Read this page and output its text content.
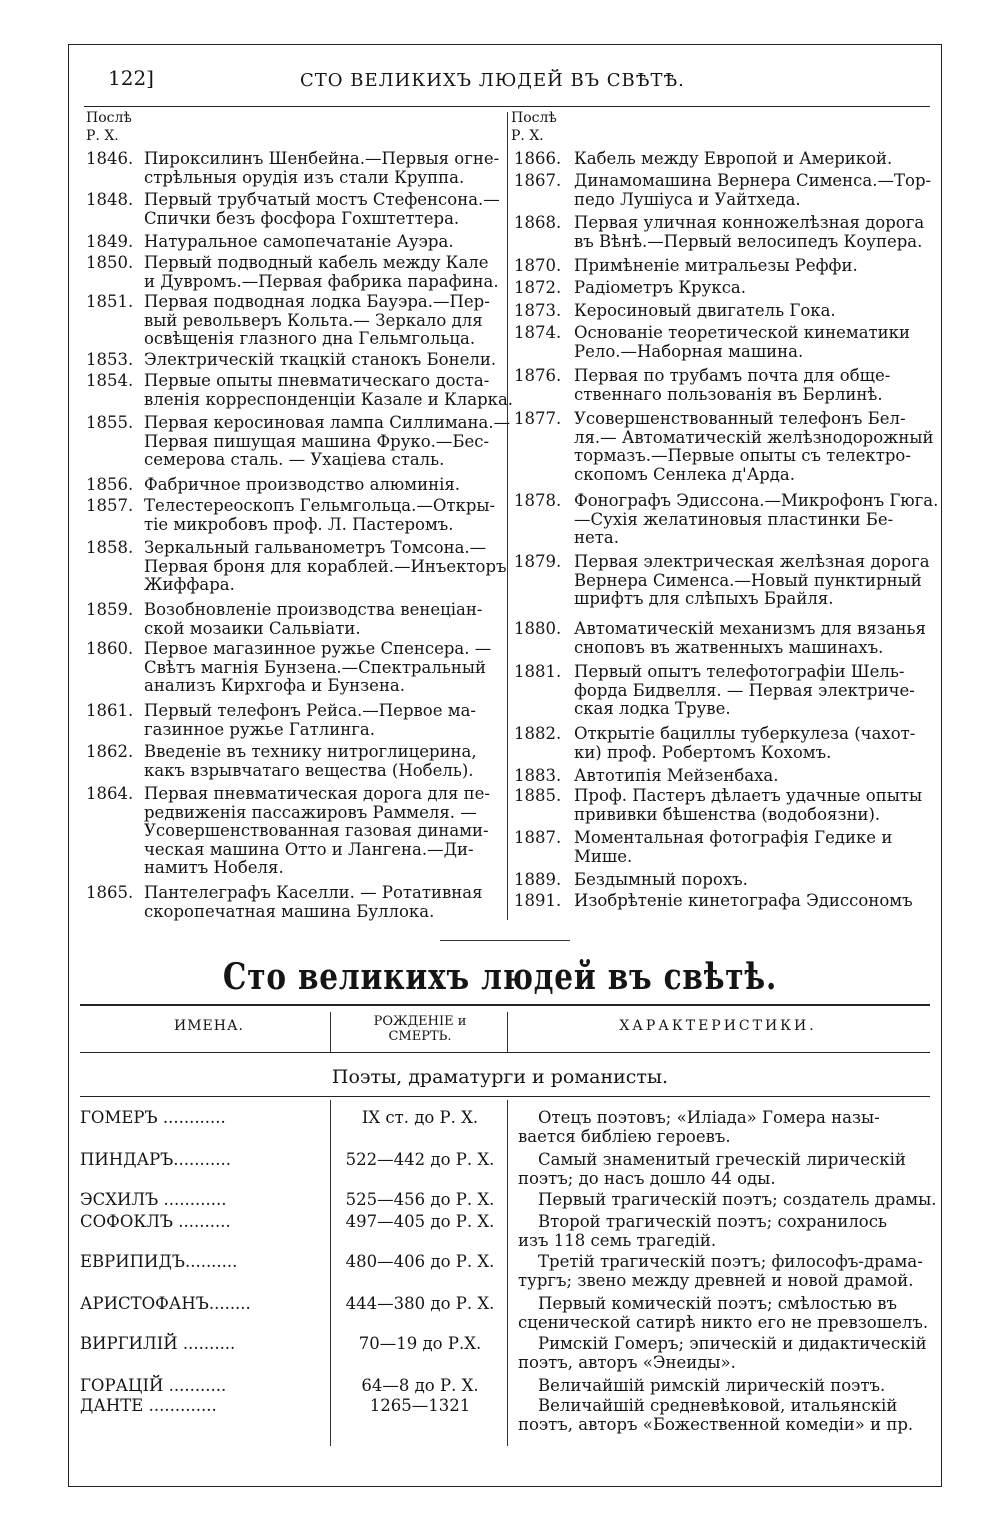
122]	СТО ВЕЛИКИХЪ ЛЮДЕЙ ВЪ СВѢТѢ.
Послѣ
Р. Х.
Послѣ
Р. Х.
1846. Пироксилинъ Шенбейна.—Первыя огне-
стрѣльныя орудія изъ стали Круппа.
1848. Первый трубчатый мостъ Стефенсона.—
Спички безъ фосфора Гохштеттера.
1849. Натуральное самопечатаніе Ауэра.
1850. Первый подводный кабель между Кале
и Дувромъ.—Первая фабрика парафина.
1851. Первая подводная лодка Бауэра.—Пер-
вый револьверъ Кольта.— Зеркало для
освѣщенія глазного дна Гельмгольца.
1853. Электрическій ткацкій станокъ Бонели.
1854. Первые опыты пневматическаго доста-
вленія корреспонденціи Казале и Кларка.
1855. Первая керосиновая лампа Силлимана.—
Первая пишущая машина Фруко.—Бес-
семерова сталь. — Ухацiева сталь.
1856. Фабричное производство алюминія.
1857. Телестереоскопъ Гельмгольца.—Откры-
тіе микробовъ проф. Л. Пастеромъ.
1858. Зеркальный гальванометръ Томсона.—
Первая броня для кораблей.—Инъекторъ
Жиффара.
1859. Возобновленіе производства венеціан-
ской мозаики Сальвіати.
1860. Первое магазинное ружье Спенсера. —
Свѣтъ магнія Бунзена.—Спектральный
анализъ Кирхгофа и Бунзена.
1861. Первый телефонъ Рейса.—Первое ма-
газинное ружье Гатлинга.
1862. Введеніе въ технику нитроглицерина,
какъ взрывчатаго вещества (Нобель).
1864. Первая пневматическая дорога для пе-
редвиженія пассажировъ Раммеля. —
Усовершенствованная газовая динами-
ческая машина Отто и Лангена.—Ди-
намитъ Нобеля.
1865. Пантелеграфъ Каселли. — Ротативная
скоропечатная машина Буллока.
1866. Кабель между Европой и Америкой.
1867. Динамомашина Вернера Сименса.—Тор-
педо Лушіуса и Уайтхеда.
1868. Первая уличная конножелѣзная дорога
въ Вѣнѣ.—Первый велосипедъ Коупера.
1870. Примѣненіе митральезы Реффи.
1872. Радіометръ Крукса.
1873. Керосиновый двигатель Гока.
1874. Основаніе теоретической кинематики
Рело.—Наборная машина.
1876. Первая по трубамъ почта для обще-
ственнаго пользованія въ Берлинѣ.
1877. Усовершенствованный телефонъ Бел-
ля.— Автоматическій желѣзнодорожный
тормазъ.—Первые опыты съ телектро-
скопомъ Сенлека д'Арда.
1878. Фонографъ Эдиссона.—Микрофонъ Гюга.
—Сухія желатиновыя пластинки Бе-
нета.
1879. Первая электрическая желѣзная дорога
Вернера Сименса.—Новый пунктирный
шрифтъ для слѣпыхъ Брайля.
1880. Автоматическій механизмъ для вязанья
сноповъ въ жатвенныхъ машинахъ.
1881. Первый опытъ телефотографіи Шель-
форда Бидвелля. — Первая электриче-
ская лодка Труве.
1882. Открытіе бациллы туберкулеза (чахот-
ки) проф. Робертомъ Кохомъ.
1883. Автотипія Мейзенбаха.
1885. Проф. Пастеръ дѣлаетъ удачные опыты
прививки бѣшенства (водобоязни).
1887. Моментальная фотографія Гедике и
Мише.
1889. Бездымный порохъ.
1891. Изобрѣтеніе кинетографа Эдиссономъ
Сто великихъ людей въ свѣтѣ.
ИМЕНА.	РОЖДЕНІЕ и
СМЕРТЬ.
ХАРАКТЕРИСТИКИ.
Поэты, драматурги и романисты.
ГОМЕРЪ ............	IX ст. до Р. Х.	Отецъ поэтовъ; «Иліада» Гомера назы-
вается библіею героевъ.
ПИНДАРЪ...........	522—442 до Р. Х.	Самый знаменитый греческій лирическій
поэтъ; до насъ дошло 44 оды.
ЭСХИЛЪ ............	525—456 до Р. Х.	Первый трагическій поэтъ; создатель драмы.
СОФОКЛЪ ..........	497—405 до Р. Х.	Второй трагическій поэтъ; сохранилось
изъ 118 семь трагедій.
ЕВРИПИДЪ..........	480—406 до Р. Х.	Третій трагическій поэтъ; философъ-драма-
тургъ; звено между древней и новой драмой.
АРИСТОФАНЪ........	444—380 до Р. Х.	Первый комическій поэтъ; смѣлостью въ
сценической сатирѣ никто его не превзошелъ.
ВИРГИЛІЙ ..........	70—19 до Р.Х.	Римскій Гомеръ; эпическій и дидактическій
поэтъ, авторъ «Энеиды».
ГОРАЦІЙ ...........	64—8 до Р. Х.	Величайшій римскій лирическій поэтъ.
ДАНТЕ .............	1265—1321	Величайшій средневѣковой, итальянскій
поэтъ, авторъ «Божественной комедіи» и пр.
